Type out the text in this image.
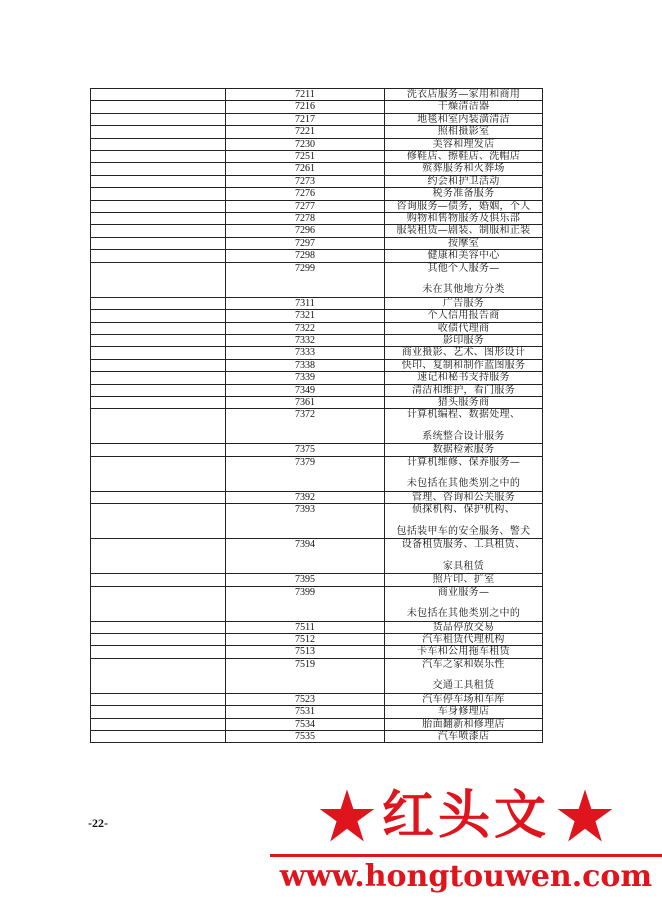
	7211	洗衣店服务—家用和商用

	7216	干燥清洁器

	7217	地毯和室内装潢清洁

	7221	照相摄影室

	7230	美容和理发店

	7251	修鞋店、擦鞋店、洗帽店

	7261	殡葬服务和火葬场

	7273	约会和护卫活动

	7276	税务准备服务

	7277	咨询服务—债务，婚姻，个人

	7278	购物和售物服务及俱乐部

	7296	服装租赁—剧装、制服和正装

	7297	按摩室

	7298	健康和美容中心

	7299	其他个人服务—
未在其他地方分类

	7311	广告服务

	7321	个人信用报告商

	7322	收债代理商

	7332	影印服务

	7333	商业摄影、艺术、图形设计

	7338	快印、复制和制作蓝图服务

	7339	速记和秘书支持服务

	7349	清洁和维护，看门服务

	7361	猎头服务商

	7372	计算机编程、数据处理、
系统整合设计服务

	7375	数据检索服务

	7379	计算机维修、保养服务—
未包括在其他类别之中的

	7392	管理、咨询和公关服务

	7393	侦探机构、保护机构、
包括装甲车的安全服务、警犬

	7394	设备租赁服务、工具租赁、
家具租赁

	7395	照片印、扩室

	7399	商业服务—
未包括在其他类别之中的

	7511	货品停放交易

	7512	汽车租赁代理机构

	7513	卡车和公用拖车租赁

	7519	汽车之家和娱乐性
交通工具租赁

	7523	汽车停车场和车库

	7531	车身修理店

	7534	胎面翻新和修理店

	7535	汽车喷漆店
-22-	红头文
www.hongtouwen.com
